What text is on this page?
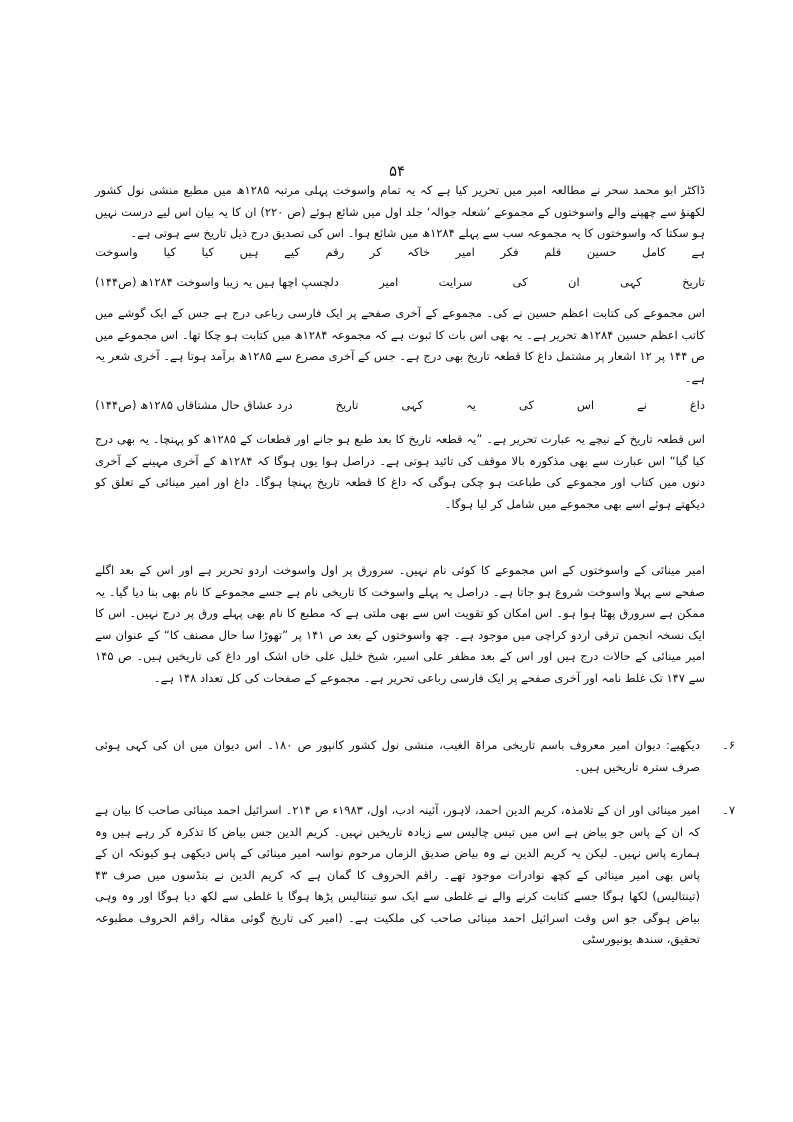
۵۴
ڈاکٹر ابو محمد سحر نے مطالعہ امیر میں تحریر کیا ہے کہ یہ تمام واسوخت پہلی مرتبہ ۱۲۸۵ھ میں مطبع منشی نول کشور لکھنؤ سے چھپنے والے واسوختوں کے مجموعے ’شعلہ جوالہ‘ جلد اول میں شائع ہوئے (ص ۲۲۰) ان کا یہ بیان اس لیے درست نہیں ہو سکتا کہ واسوختوں کا یہ مجموعہ سب سے پہلے ۱۲۸۴ھ میں شائع ہوا۔ اس کی تصدیق درج ذیل تاریخ سے ہوتی ہے۔
ہے
کامل
حسین
قلم
فکر
امیر
خاکہ
کر
رقم
کیے
ہیں
کیا
کیا
واسوخت
تاریخ
کہی
ان
کی
سرایت
امیر
دلچسپ اچھا ہیں یہ زیبا واسوخت ۱۲۸۴ھ (ص۱۴۴)
اس مجموعے کی کتابت اعظم حسین نے کی۔ مجموعے کے آخری صفحے پر ایک فارسی رباعی درج ہے جس کے ایک گوشے میں کاتب اعظم حسین ۱۲۸۴ھ تحریر ہے۔ یہ بھی اس بات کا ثبوت ہے کہ مجموعہ ۱۲۸۴ھ میں کتابت ہو چکا تھا۔ اس مجموعے میں ص ۱۴۴ پر ۱۲ اشعار پر مشتمل داغ کا قطعہ تاریخ بھی درج ہے۔ جس کے آخری مصرع سے ۱۲۸۵ھ برآمد ہوتا ہے۔ آخری شعر یہ ہے۔
داغ
نے
اس
کی
یہ
کہی
تاریخ
درد عشاق حال مشتاقاں ۱۲۸۵ھ (ص۱۴۴)
اس قطعہ تاریخ کے نیچے یہ عبارت تحریر ہے۔ ”یہ قطعہ تاریخ کا بعد طبع ہو جانے اور قطعات کے ۱۲۸۵ھ کو پہنچا۔ یہ بھی درج کیا گیا“ اس عبارت سے بھی مذکورہ بالا موقف کی تائید ہوتی ہے۔ دراصل ہوا یوں ہوگا کہ ۱۲۸۴ھ کے آخری مہینے کے آخری دنوں میں کتاب اور مجموعے کی طباعت ہو چکی ہوگی کہ داغ کا قطعہ تاریخ پہنچا ہوگا۔ داغ اور امیر مینائی کے تعلق کو دیکھتے ہوئے اسے بھی مجموعے میں شامل کر لیا ہوگا۔
امیر مینائی کے واسوختوں کے اس مجموعے کا کوئی نام نہیں۔ سرورق پر اول واسوخت اردو تحریر ہے اور اس کے بعد اگلے صفحے سے پہلا واسوخت شروع ہو جاتا ہے۔ دراصل یہ پہلے واسوخت کا تاریخی نام ہے جسے مجموعے کا نام بھی بنا دیا گیا۔ یہ ممکن ہے سرورق پھٹا ہوا ہو۔ اس امکان کو تقویت اس سے بھی ملتی ہے کہ مطبع کا نام بھی پہلے ورق پر درج نہیں۔ اس کا ایک نسخہ انجمن ترقی اردو کراچی میں موجود ہے۔ چھ واسوختوں کے بعد ص ۱۴۱ پر ”تھوڑا سا حال مصنف کا“ کے عنوان سے امیر مینائی کے حالات درج ہیں اور اس کے بعد مظفر علی اسیر، شیخ خلیل علی خاں اشک اور داغ کی تاریخیں ہیں۔ ص ۱۴۵ سے ۱۴۷ تک غلط نامہ اور آخری صفحے پر ایک فارسی رباعی تحریر ہے۔ مجموعے کے صفحات کی کل تعداد ۱۴۸ ہے۔
۶۔
دیکھیے: دیوان امیر معروف باسم تاریخی مراۃ الغیب، منشی نول کشور کانپور ص ۱۸۰۔ اس دیوان میں ان کی کہی ہوئی صرف سترہ تاریخیں ہیں۔
۷۔
امیر مینائی اور ان کے تلامذہ، کریم الدین احمد، لاہور، آئینہ ادب، اول، ۱۹۸۳ء ص ۲۱۴۔ اسرائیل احمد مینائی صاحب کا بیان ہے کہ ان کے پاس جو بیاض ہے اس میں تیس چالیس سے زیادہ تاریخیں نہیں۔ کریم الدین جس بیاض کا تذکرہ کر رہے ہیں وہ ہمارے پاس نہیں۔ لیکن یہ کریم الدین نے وہ بیاض صدیق الزماں مرحوم نواسہ امیر مینائی کے پاس دیکھی ہو کیونکہ ان کے پاس بھی امیر مینائی کے کچھ نوادرات موجود تھے۔ راقم الحروف کا گمان ہے کہ کریم الدین نے بنڈسوں میں صرف ۴۳ (تینتالیس) لکھا ہوگا جسے کتابت کرنے والے نے غلطی سے ایک سو تینتالیس پڑھا ہوگا یا غلطی سے لکھ دیا ہوگا اور وہ وہی بیاض ہوگی جو اس وقت اسرائیل احمد مینائی صاحب کی ملکیت ہے۔ (امیر کی تاریخ گوئی مقالہ راقم الحروف مطبوعہ تحقیق، سندھ یونیورسٹی
